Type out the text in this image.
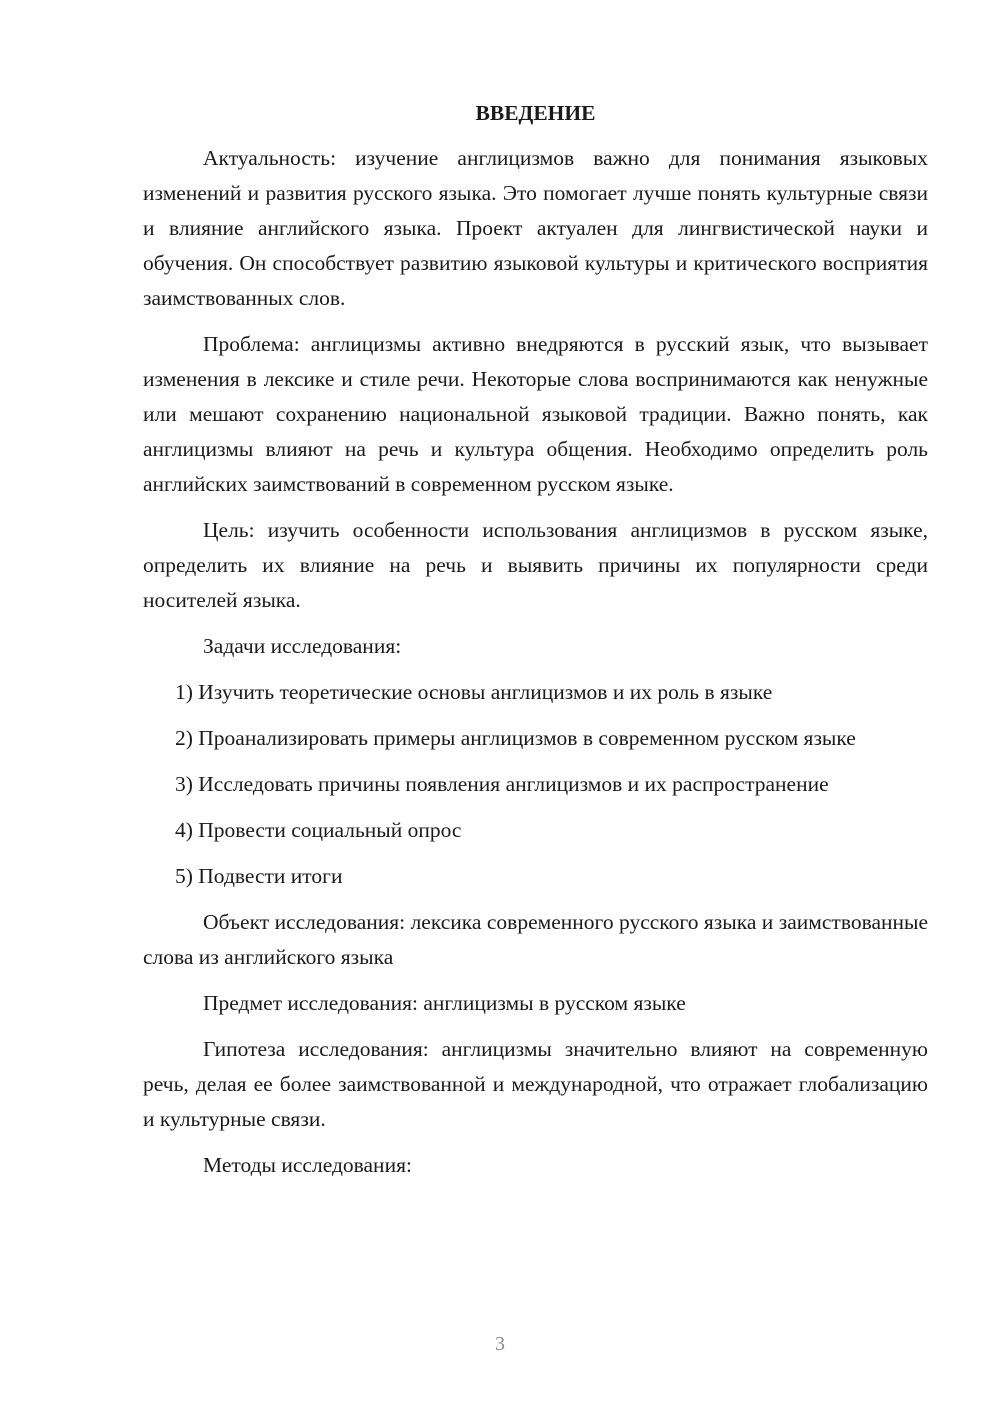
ВВЕДЕНИЕ

Актуальность: изучение англицизмов важно для понимания языковых изменений и развития русского языка. Это помогает лучше понять культурные связи и влияние английского языка. Проект актуален для лингвистической науки и обучения. Он способствует развитию языковой культуры и критического восприятия заимствованных слов.

Проблема: англицизмы активно внедряются в русский язык, что вызывает изменения в лексике и стиле речи. Некоторые слова воспринимаются как ненужные или мешают сохранению национальной языковой традиции. Важно понять, как англицизмы влияют на речь и культура общения. Необходимо определить роль английских заимствований в современном русском языке.

Цель: изучить особенности использования англицизмов в русском языке, определить их влияние на речь и выявить причины их популярности среди носителей языка.

Задачи исследования:

1) Изучить теоретические основы англицизмов и их роль в языке

2) Проанализировать примеры англицизмов в современном русском языке

3) Исследовать причины появления англицизмов и их распространение

4) Провести социальный опрос

5) Подвести итоги

Объект исследования: лексика современного русского языка и заимствованные слова из английского языка

Предмет исследования: англицизмы в русском языке

Гипотеза исследования: англицизмы значительно влияют на современную речь, делая ее более заимствованной и международной, что отражает глобализацию и культурные связи.

Методы исследования:

3
